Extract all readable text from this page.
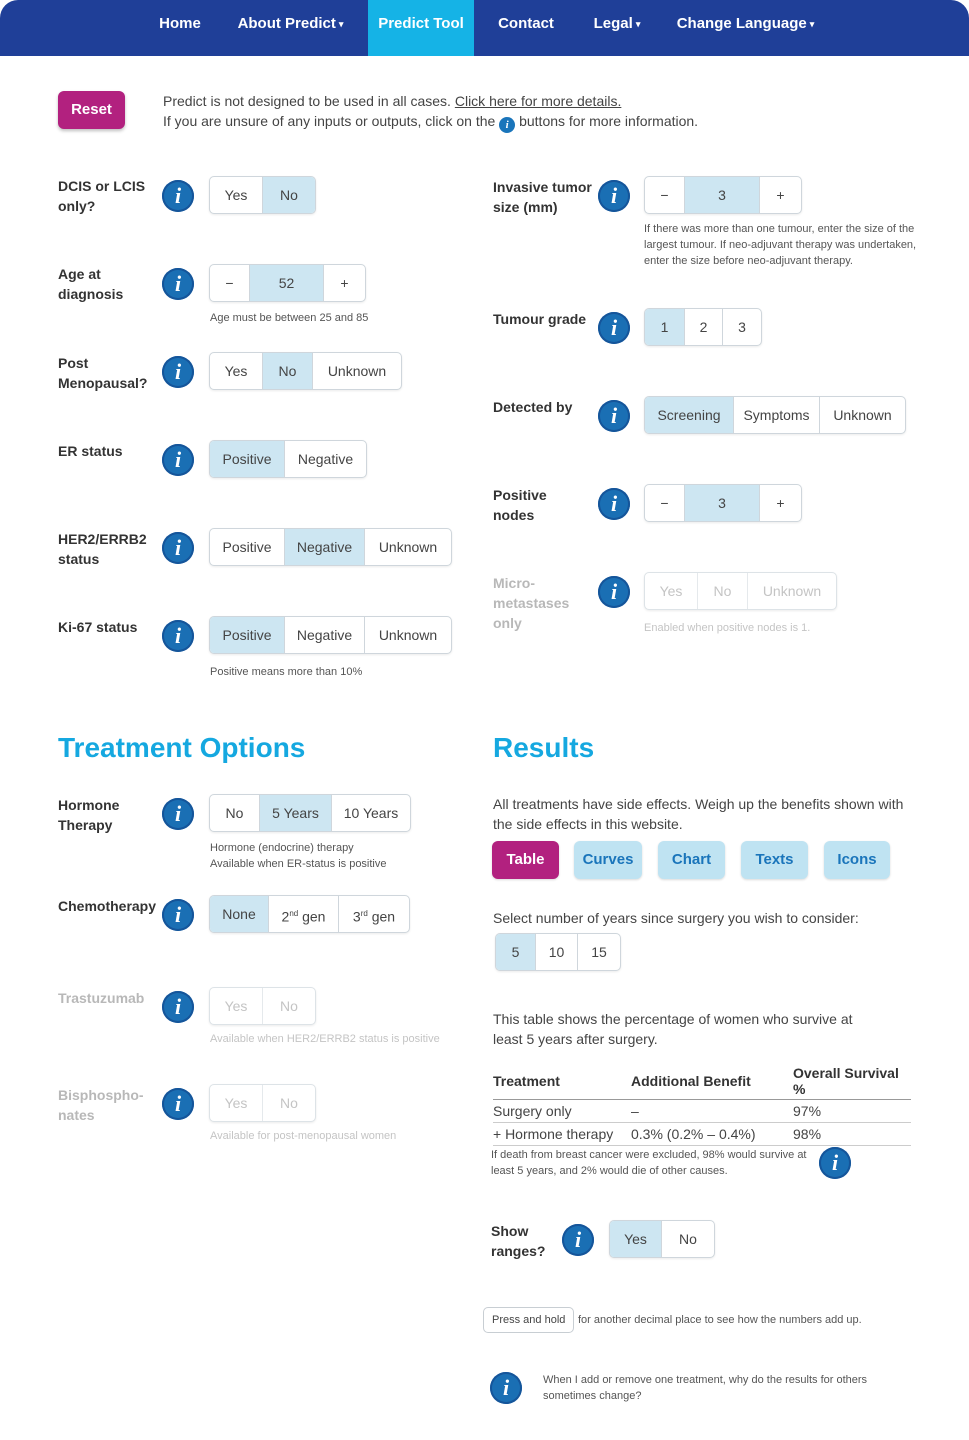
Home	About Predict ▾	Predict Tool	Contact	Legal ▾	Change Language ▾
Reset	Predict is not designed to be used in all cases. Click here for more details.
If you are unsure of any inputs or outputs, click on the i buttons for more information.
DCIS or LCIS only?	i	Yes	No
Age at diagnosis	i	−	52	+
Age must be between 25 and 85
Post Menopausal?	i	Yes	No	Unknown
ER status	i	Positive	Negative
HER2/ERRB2 status	i	Positive	Negative	Unknown
Ki-67 status	i	Positive	Negative	Unknown
Positive means more than 10%
Invasive tumor size (mm)	i	−	3	+
If there was more than one tumour, enter the size of the largest tumour. If neo-adjuvant therapy was undertaken, enter the size before neo-adjuvant therapy.
Tumour grade	i	1	2	3
Detected by	i	Screening	Symptoms	Unknown
Positive nodes	i	−	3	+
Micro-metastases only
i	Yes	No	Unknown
Enabled when positive nodes is 1.
Treatment Options
Hormone Therapy	i	No	5 Years	10 Years
Hormone (endocrine) therapy
Available when ER-status is positive
Chemotherapy i	None	2nd gen	3rd gen
Trastuzumab	i	Yes	No
Available when HER2/ERRB2 status is positive
Bisphospho-nates	i	Yes	No
Available for post-menopausal women
Results
All treatments have side effects. Weigh up the benefits shown with the side effects in this website.
Table	Curves	Chart	Texts	Icons
Select number of years since surgery you wish to consider:
5	10	15
This table shows the percentage of women who survive at least 5 years after surgery.
Treatment	Additional Benefit	Overall Survival %
Surgery only	–	97%
+ Hormone therapy	0.3% (0.2% – 0.4%)	98%
If death from breast cancer were excluded, 98% would survive at least 5 years, and 2% would die of other causes.	i
Show ranges?	i	Yes	No
Press and hold	for another decimal place to see how the numbers add up.
i	When I add or remove one treatment, why do the results for others sometimes change?
